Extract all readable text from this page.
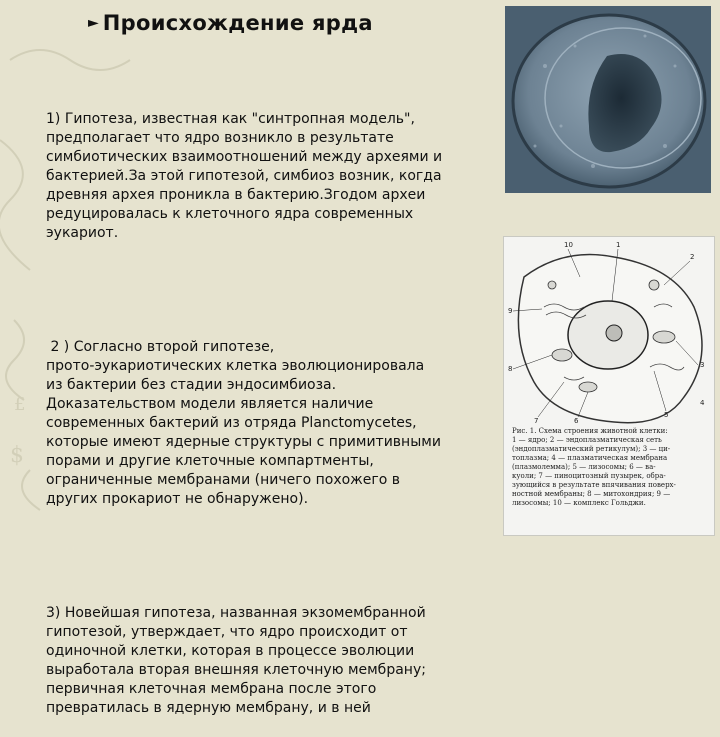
$
£
► Происхождение ярда

1) Гипотеза, известная как "синтропная модель",
предполагает что ядро возникло в результате
симбиотических взаимоотношений между археями и
бактерией.За этой гипотезой, симбиоз возник, когда
древняя архея проникла в бактерию.Згодом археи
редуцировалась к клеточного ядра современных
эукариот.

2 ) Согласно второй гипотезе,
прото-эукариотических клетка эволюционировала
из бактерии без стадии эндосимбиоза.
Доказательством модели является наличие
современных бактерий из отряда Planctomycetes,
которые имеют ядерные структуры с примитивными
порами и другие клеточные компартменты,
ограниченные мембранами (ничего похожего в
других прокариот не обнаружено).

3) Новейшая гипотеза, названная экзомембранной
гипотезой, утверждает, что ядро происходит от
одиночной клетки, которая в процессе эволюции
выработала вторая внешняя клеточную мембрану;
первичная клеточная мембрана после этого
превратилась в ядерную мембрану, и в ней

10	1
2
9
3
8
7	6
5
4
Рис. 1. Схема строения животной клетки:
1 — ядро; 2 — эндоплазматическая сеть
(эндоплазматический ретикулум); 3 — ци-
топлазма; 4 — плазматическая мембрана
(плазмолемма); 5 — лизосомы; 6 — ва-
куоли; 7 — пиноцитозный пузырек, обра-
зующийся в результате впячивания поверх-
ностной мембраны; 8 — митохондрия; 9 —
лизосомы; 10 — комплекс Гольджи.
